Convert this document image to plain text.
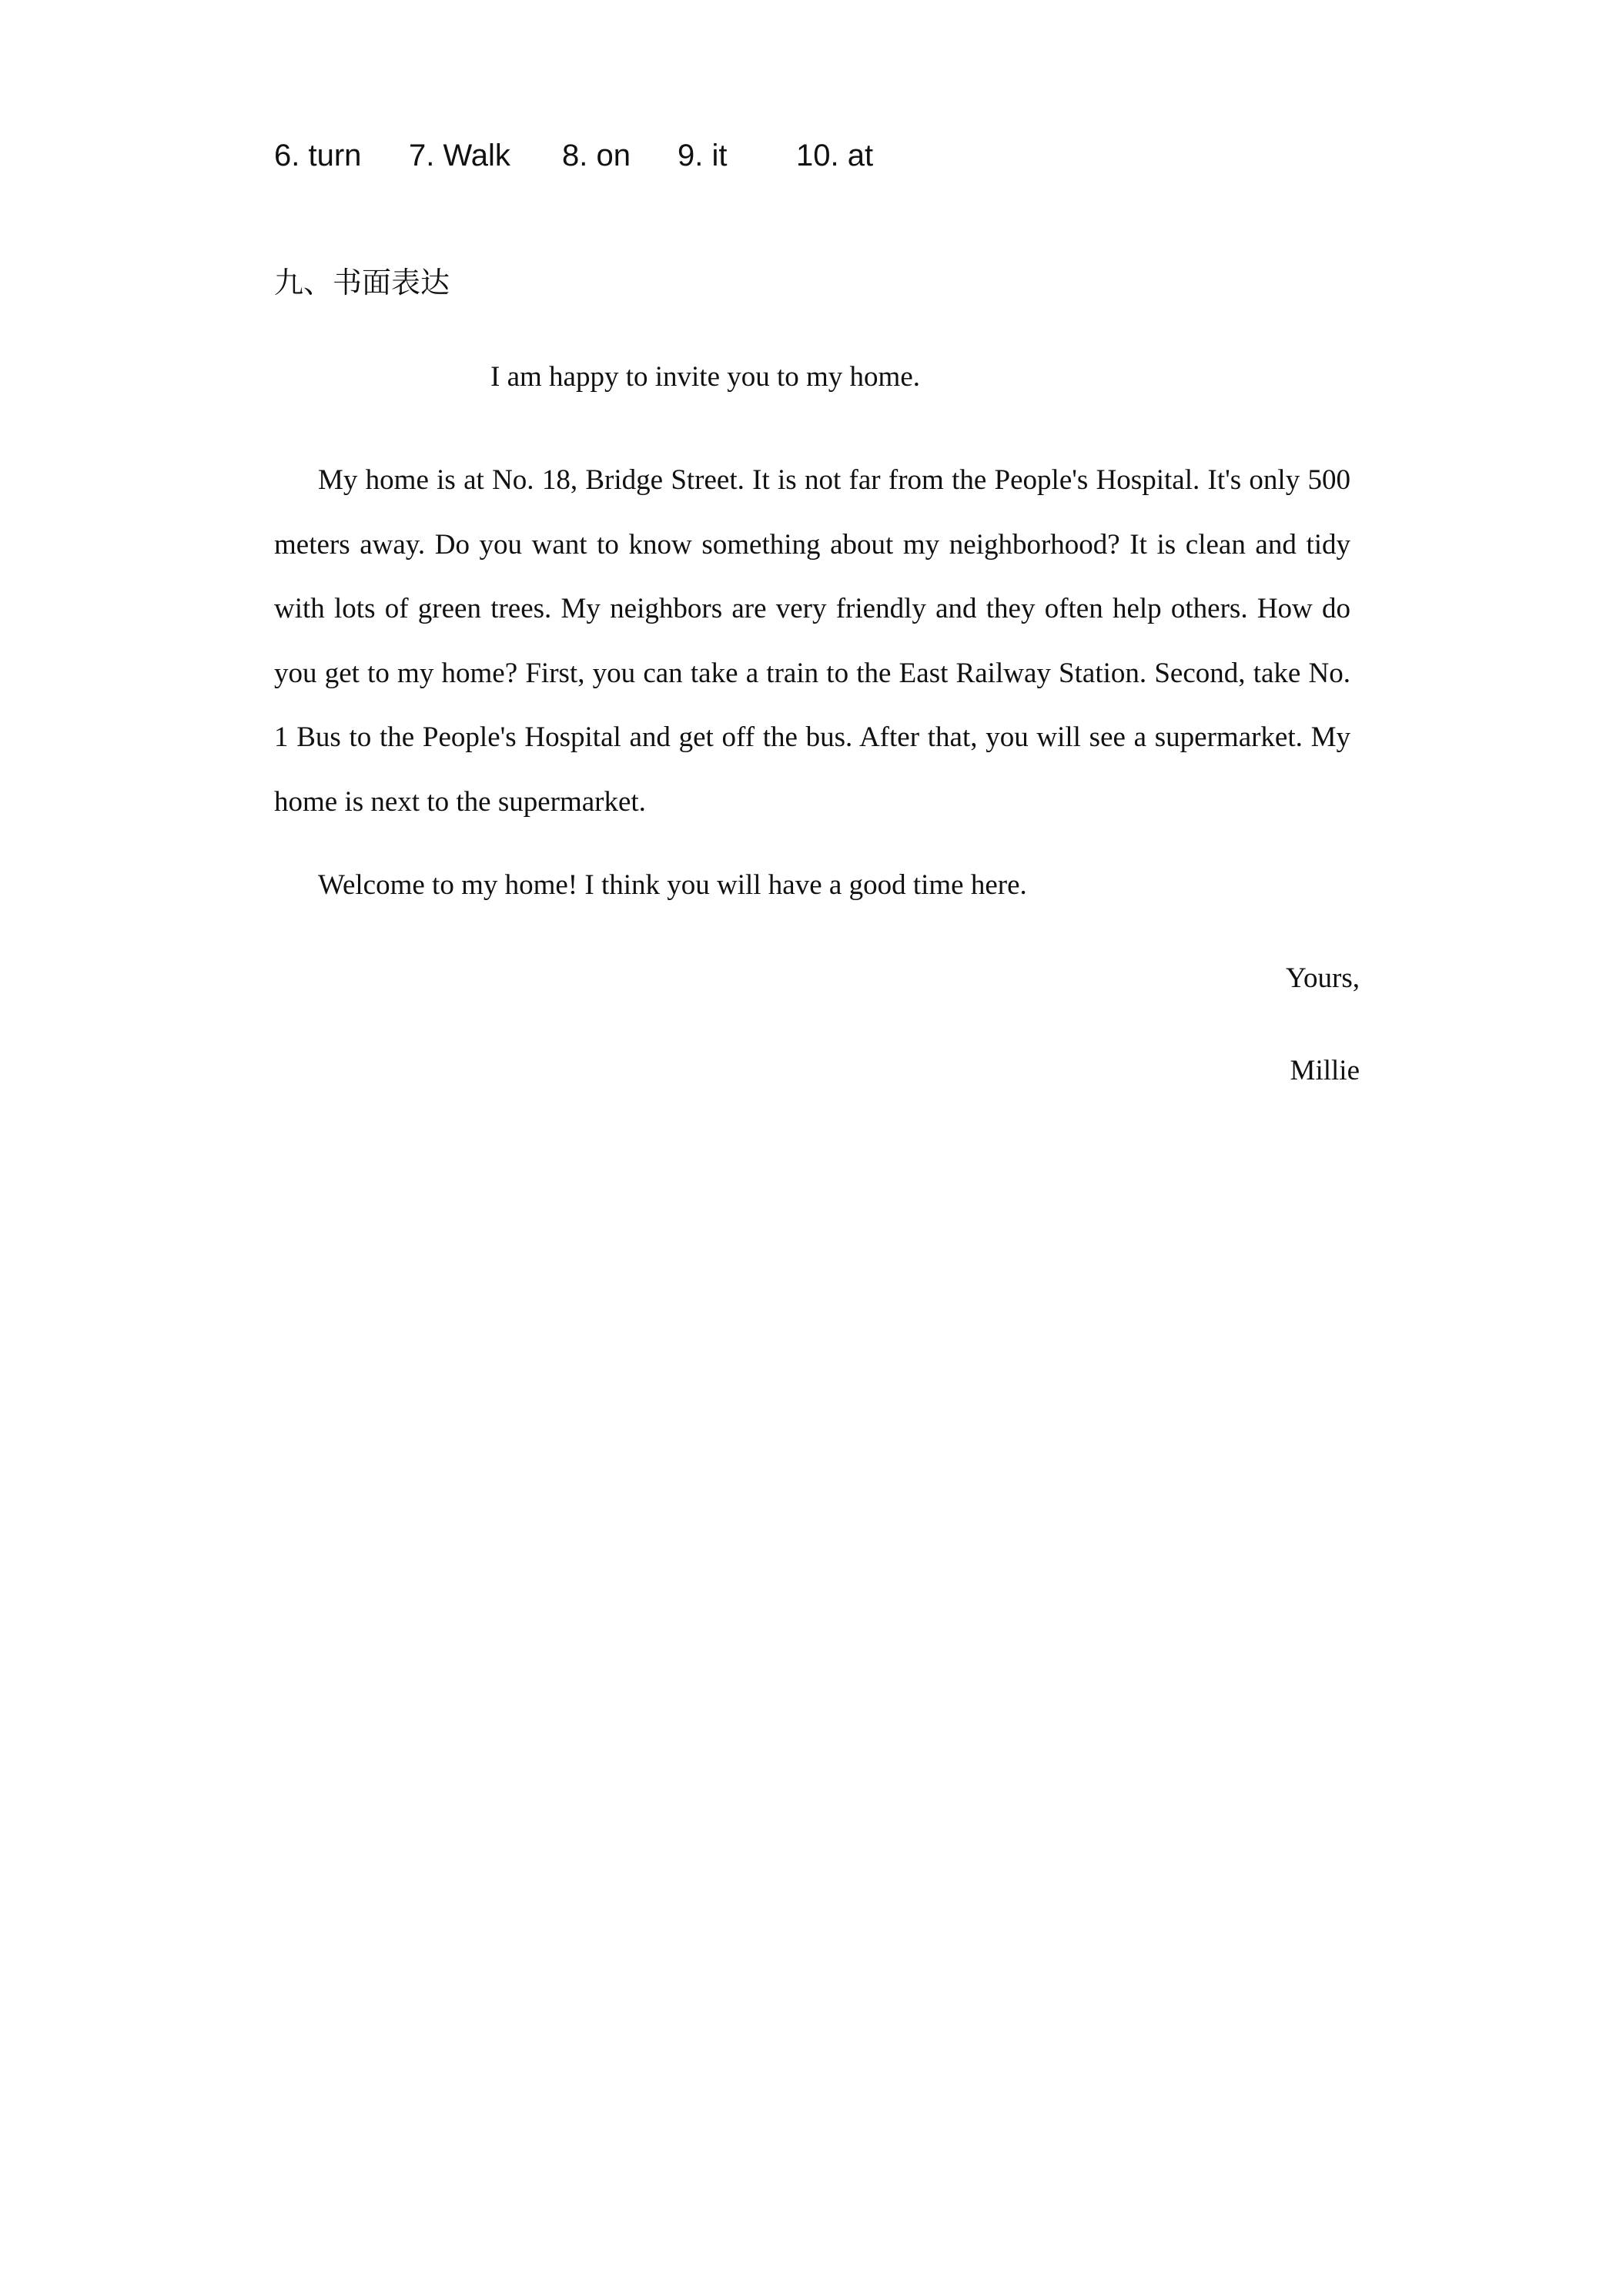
6. turn 7. Walk 8. on 9. it 10. at
九、书面表达
I am happy to invite you to my home.

My home is at No. 18, Bridge Street. It is not far from the People's Hospital. It's only 500 meters away. Do you want to know something about my neighborhood? It is clean and tidy with lots of green trees. My neighbors are very friendly and they often help others. How do you get to my home? First, you can take a train to the East Railway Station. Second, take No. 1 Bus to the People's Hospital and get off the bus. After that, you will see a supermarket. My home is next to the supermarket.

Welcome to my home! I think you will have a good time here.

Yours,
Millie
